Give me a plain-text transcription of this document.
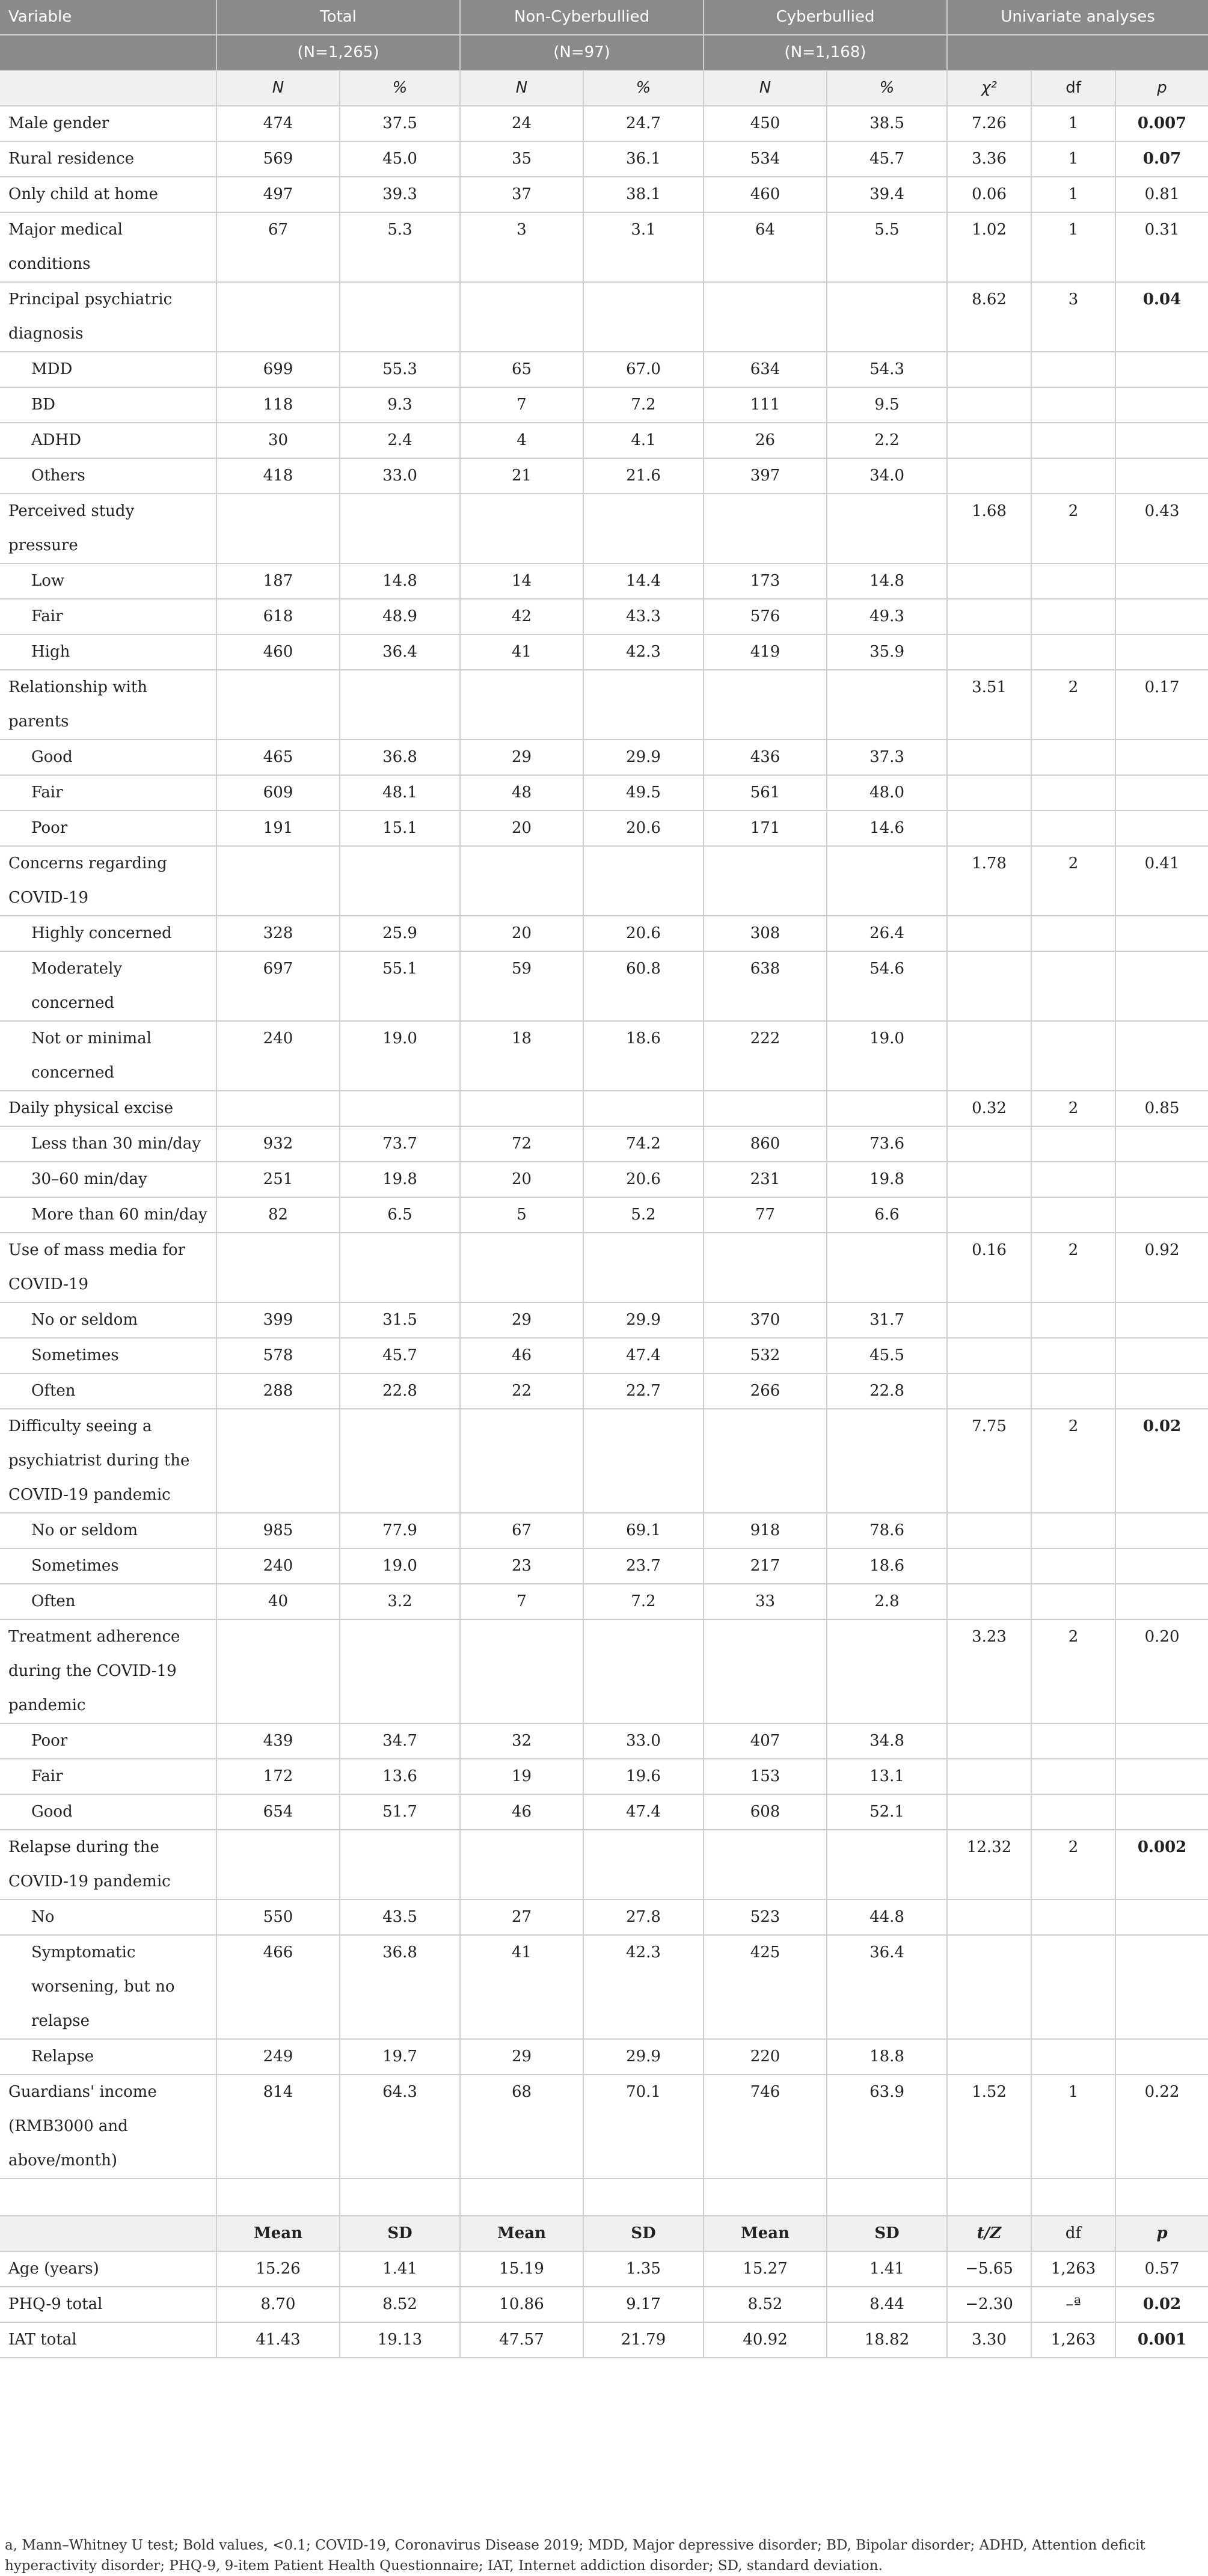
Variable	Total		Non-Cyberbullied		Cyberbullied		Univariate analyses		
	(N=1,265)		(N=97)		(N=1,168)				
	N	%	N	%	N	%	χ²	df	p
Male gender	474	37.5	24	24.7	450	38.5	7.26	1	0.007
Rural residence	569	45.0	35	36.1	534	45.7	3.36	1	0.07
Only child at home	497	39.3	37	38.1	460	39.4	0.06	1	0.81
Major medical conditions	67	5.3	3	3.1	64	5.5	1.02	1	0.31
Principal psychiatric diagnosis							8.62	3	0.04
MDD	699	55.3	65	67.0	634	54.3			
BD	118	9.3	7	7.2	111	9.5			
ADHD	30	2.4	4	4.1	26	2.2			
Others	418	33.0	21	21.6	397	34.0			
Perceived study pressure							1.68	2	0.43
Low	187	14.8	14	14.4	173	14.8			
Fair	618	48.9	42	43.3	576	49.3			
High	460	36.4	41	42.3	419	35.9			
Relationship with parents							3.51	2	0.17
Good	465	36.8	29	29.9	436	37.3			
Fair	609	48.1	48	49.5	561	48.0			
Poor	191	15.1	20	20.6	171	14.6			
Concerns regarding COVID-19							1.78	2	0.41
Highly concerned	328	25.9	20	20.6	308	26.4			
Moderately concerned	697	55.1	59	60.8	638	54.6			
Not or minimal concerned	240	19.0	18	18.6	222	19.0			
Daily physical excise							0.32	2	0.85
Less than 30 min/day	932	73.7	72	74.2	860	73.6			
30–60 min/day	251	19.8	20	20.6	231	19.8			
More than 60 min/day	82	6.5	5	5.2	77	6.6			
Use of mass media for COVID-19							0.16	2	0.92
No or seldom	399	31.5	29	29.9	370	31.7			
Sometimes	578	45.7	46	47.4	532	45.5			
Often	288	22.8	22	22.7	266	22.8			
Difficulty seeing a psychiatrist during the COVID-19 pandemic							7.75	2	0.02
No or seldom	985	77.9	67	69.1	918	78.6			
Sometimes	240	19.0	23	23.7	217	18.6			
Often	40	3.2	7	7.2	33	2.8			
Treatment adherence during the COVID-19 pandemic							3.23	2	0.20
Poor	439	34.7	32	33.0	407	34.8			
Fair	172	13.6	19	19.6	153	13.1			
Good	654	51.7	46	47.4	608	52.1			
Relapse during the COVID-19 pandemic							12.32	2	0.002
No	550	43.5	27	27.8	523	44.8			
Symptomatic worsening, but no relapse	466	36.8	41	42.3	425	36.4			
Relapse	249	19.7	29	29.9	220	18.8			
Guardians' income (RMB3000 and above/month)	814	64.3	68	70.1	746	63.9	1.52	1	0.22

	Mean	SD	Mean	SD	Mean	SD	t/Z	df	p
Age (years)	15.26	1.41	15.19	1.35	15.27	1.41	−5.65	1,263	0.57
PHQ-9 total	8.70	8.52	10.86	9.17	8.52	8.44	−2.30	–ª	0.02
IAT total	41.43	19.13	47.57	21.79	40.92	18.82	3.30	1,263	0.001
a, Mann–Whitney U test; Bold values, <0.1; COVID-19, Coronavirus Disease 2019; MDD, Major depressive disorder; BD, Bipolar disorder; ADHD, Attention deficit hyperactivity disorder; PHQ-9, 9-item Patient Health Questionnaire; IAT, Internet addiction disorder; SD, standard deviation.
